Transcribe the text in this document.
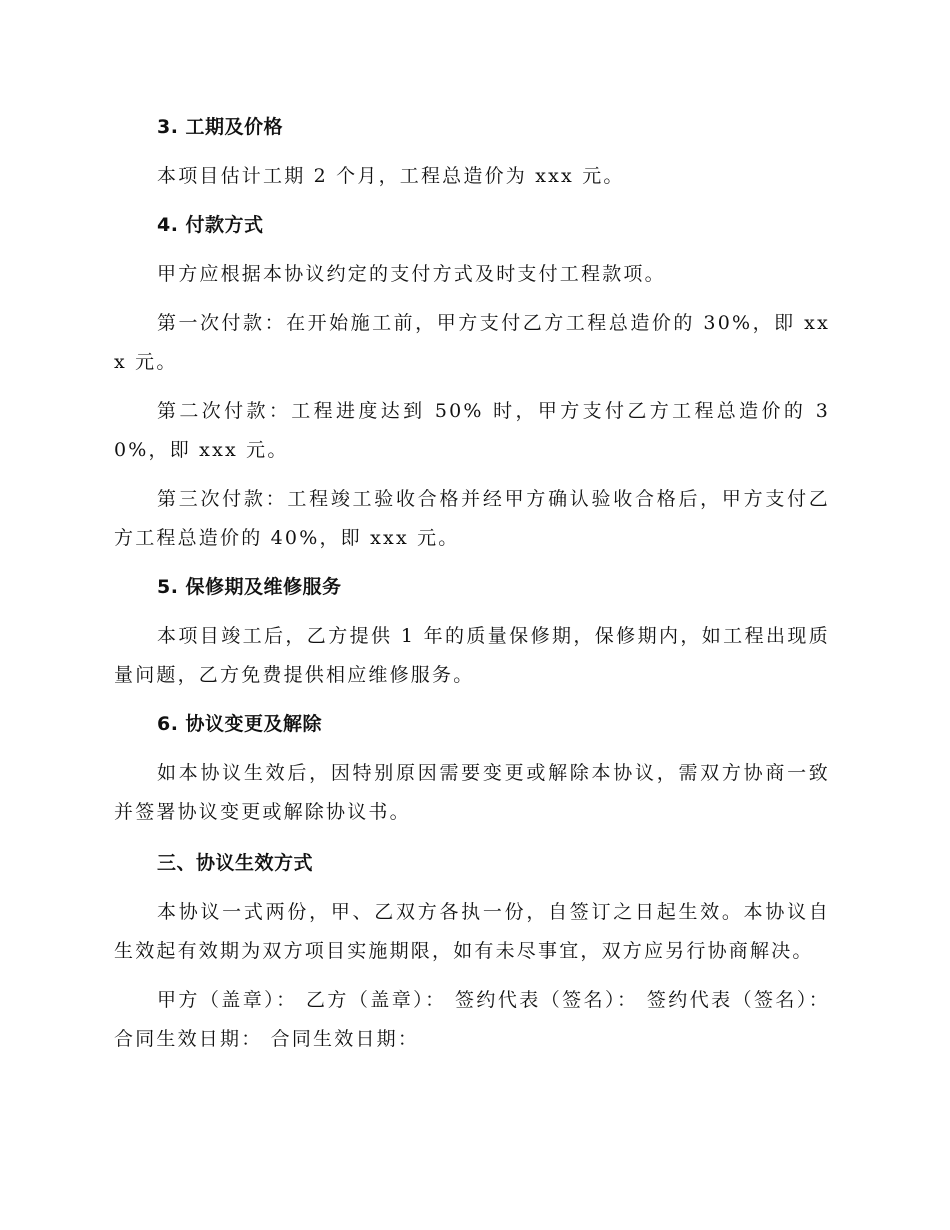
3. 工期及价格

本项目估计工期 2 个月，工程总造价为 xxx 元。

4. 付款方式

甲方应根据本协议约定的支付方式及时支付工程款项。

第一次付款：在开始施工前，甲方支付乙方工程总造价的 30%，即 xxx 元。

第二次付款：工程进度达到 50% 时，甲方支付乙方工程总造价的 30%，即 xxx 元。

第三次付款：工程竣工验收合格并经甲方确认验收合格后，甲方支付乙方工程总造价的 40%，即 xxx 元。

5. 保修期及维修服务

本项目竣工后，乙方提供 1 年的质量保修期，保修期内，如工程出现质量问题，乙方免费提供相应维修服务。

6. 协议变更及解除

如本协议生效后，因特别原因需要变更或解除本协议，需双方协商一致并签署协议变更或解除协议书。

三、协议生效方式

本协议一式两份，甲、乙双方各执一份，自签订之日起生效。本协议自生效起有效期为双方项目实施期限，如有未尽事宜，双方应另行协商解决。

甲方（盖章）： 乙方（盖章）： 签约代表（签名）： 签约代表（签名）： 合同生效日期： 合同生效日期：
